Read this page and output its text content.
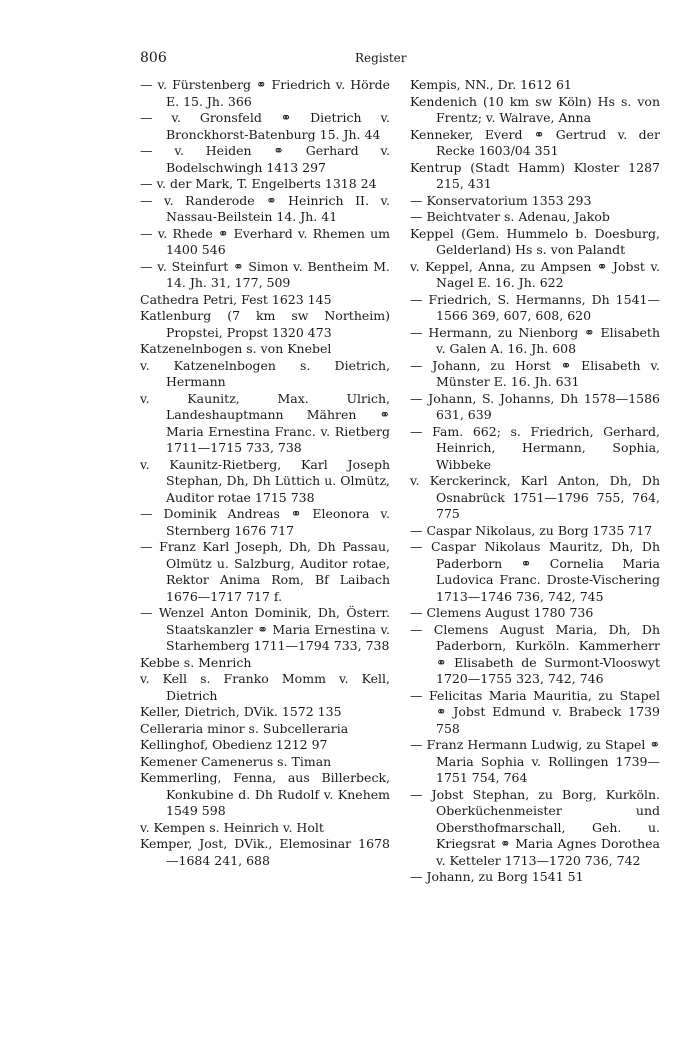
806	Register
— v. Fürstenberg ⚭ Friedrich v. Hörde E. 15. Jh. 366
— v. Gronsfeld ⚭ Dietrich v. Bronckhorst-Batenburg 15. Jh. 44
— v. Heiden ⚭ Gerhard v. Bodelschwingh 1413 297
— v. der Mark, T. Engelberts 1318 24
— v. Randerode ⚭ Heinrich II. v. Nassau-Beilstein 14. Jh. 41
— v. Rhede ⚭ Everhard v. Rhemen um 1400 546
— v. Steinfurt ⚭ Simon v. Bentheim M. 14. Jh. 31, 177, 509
Cathedra Petri, Fest 1623 145
Katlenburg (7 km sw Northeim) Propstei, Propst 1320 473
Katzenelnbogen s. von Knebel
v. Katzenelnbogen s. Dietrich, Hermann
v. Kaunitz, Max. Ulrich, Landeshauptmann Mähren ⚭ Maria Ernestina Franc. v. Rietberg 1711—1715 733, 738
v. Kaunitz-Rietberg, Karl Joseph Stephan, Dh, Dh Lüttich u. Olmütz, Auditor rotae 1715 738
— Dominik Andreas ⚭ Eleonora v. Sternberg 1676 717
— Franz Karl Joseph, Dh, Dh Passau, Olmütz u. Salzburg, Auditor rotae, Rektor Anima Rom, Bf Laibach 1676—1717 717 f.
— Wenzel Anton Dominik, Dh, Österr. Staatskanzler ⚭ Maria Ernestina v. Starhemberg 1711—1794 733, 738
Kebbe s. Menrich
v. Kell s. Franko Momm v. Kell, Dietrich
Keller, Dietrich, DVik. 1572 135
Celleraria minor s. Subcelleraria
Kellinghof, Obedienz 1212 97
Kemener Camenerus s. Timan
Kemmerling, Fenna, aus Billerbeck, Konkubine d. Dh Rudolf v. Knehem 1549 598
v. Kempen s. Heinrich v. Holt
Kemper, Jost, DVik., Elemosinar 1678—1684 241, 688
Kempis, NN., Dr. 1612 61
Kendenich (10 km sw Köln) Hs s. von Frentz; v. Walrave, Anna
Kenneker, Everd ⚭ Gertrud v. der Recke 1603/04 351
Kentrup (Stadt Hamm) Kloster 1287 215, 431
— Konservatorium 1353 293
— Beichtvater s. Adenau, Jakob
Keppel (Gem. Hummelo b. Doesburg, Gelderland) Hs s. von Palandt
v. Keppel, Anna, zu Ampsen ⚭ Jobst v. Nagel E. 16. Jh. 622
— Friedrich, S. Hermanns, Dh 1541—1566 369, 607, 608, 620
— Hermann, zu Nienborg ⚭ Elisabeth v. Galen A. 16. Jh. 608
— Johann, zu Horst ⚭ Elisabeth v. Münster E. 16. Jh. 631
— Johann, S. Johanns, Dh 1578—1586 631, 639
— Fam. 662; s. Friedrich, Gerhard, Heinrich, Hermann, Sophia, Wibbeke
v. Kerckerinck, Karl Anton, Dh, Dh Osnabrück 1751—1796 755, 764, 775
— Caspar Nikolaus, zu Borg 1735 717
— Caspar Nikolaus Mauritz, Dh, Dh Paderborn ⚭ Cornelia Maria Ludovica Franc. Droste-Vischering 1713—1746 736, 742, 745
— Clemens August 1780 736
— Clemens August Maria, Dh, Dh Paderborn, Kurköln. Kammerherr ⚭ Elisabeth de Surmont-Vlooswyt 1720—1755 323, 742, 746
— Felicitas Maria Mauritia, zu Stapel ⚭ Jobst Edmund v. Brabeck 1739 758
— Franz Hermann Ludwig, zu Stapel ⚭ Maria Sophia v. Rollingen 1739—1751 754, 764
— Jobst Stephan, zu Borg, Kurköln. Oberküchenmeister und Obersthofmarschall, Geh. u. Kriegsrat ⚭ Maria Agnes Dorothea v. Ketteler 1713—1720 736, 742
— Johann, zu Borg 1541 51
